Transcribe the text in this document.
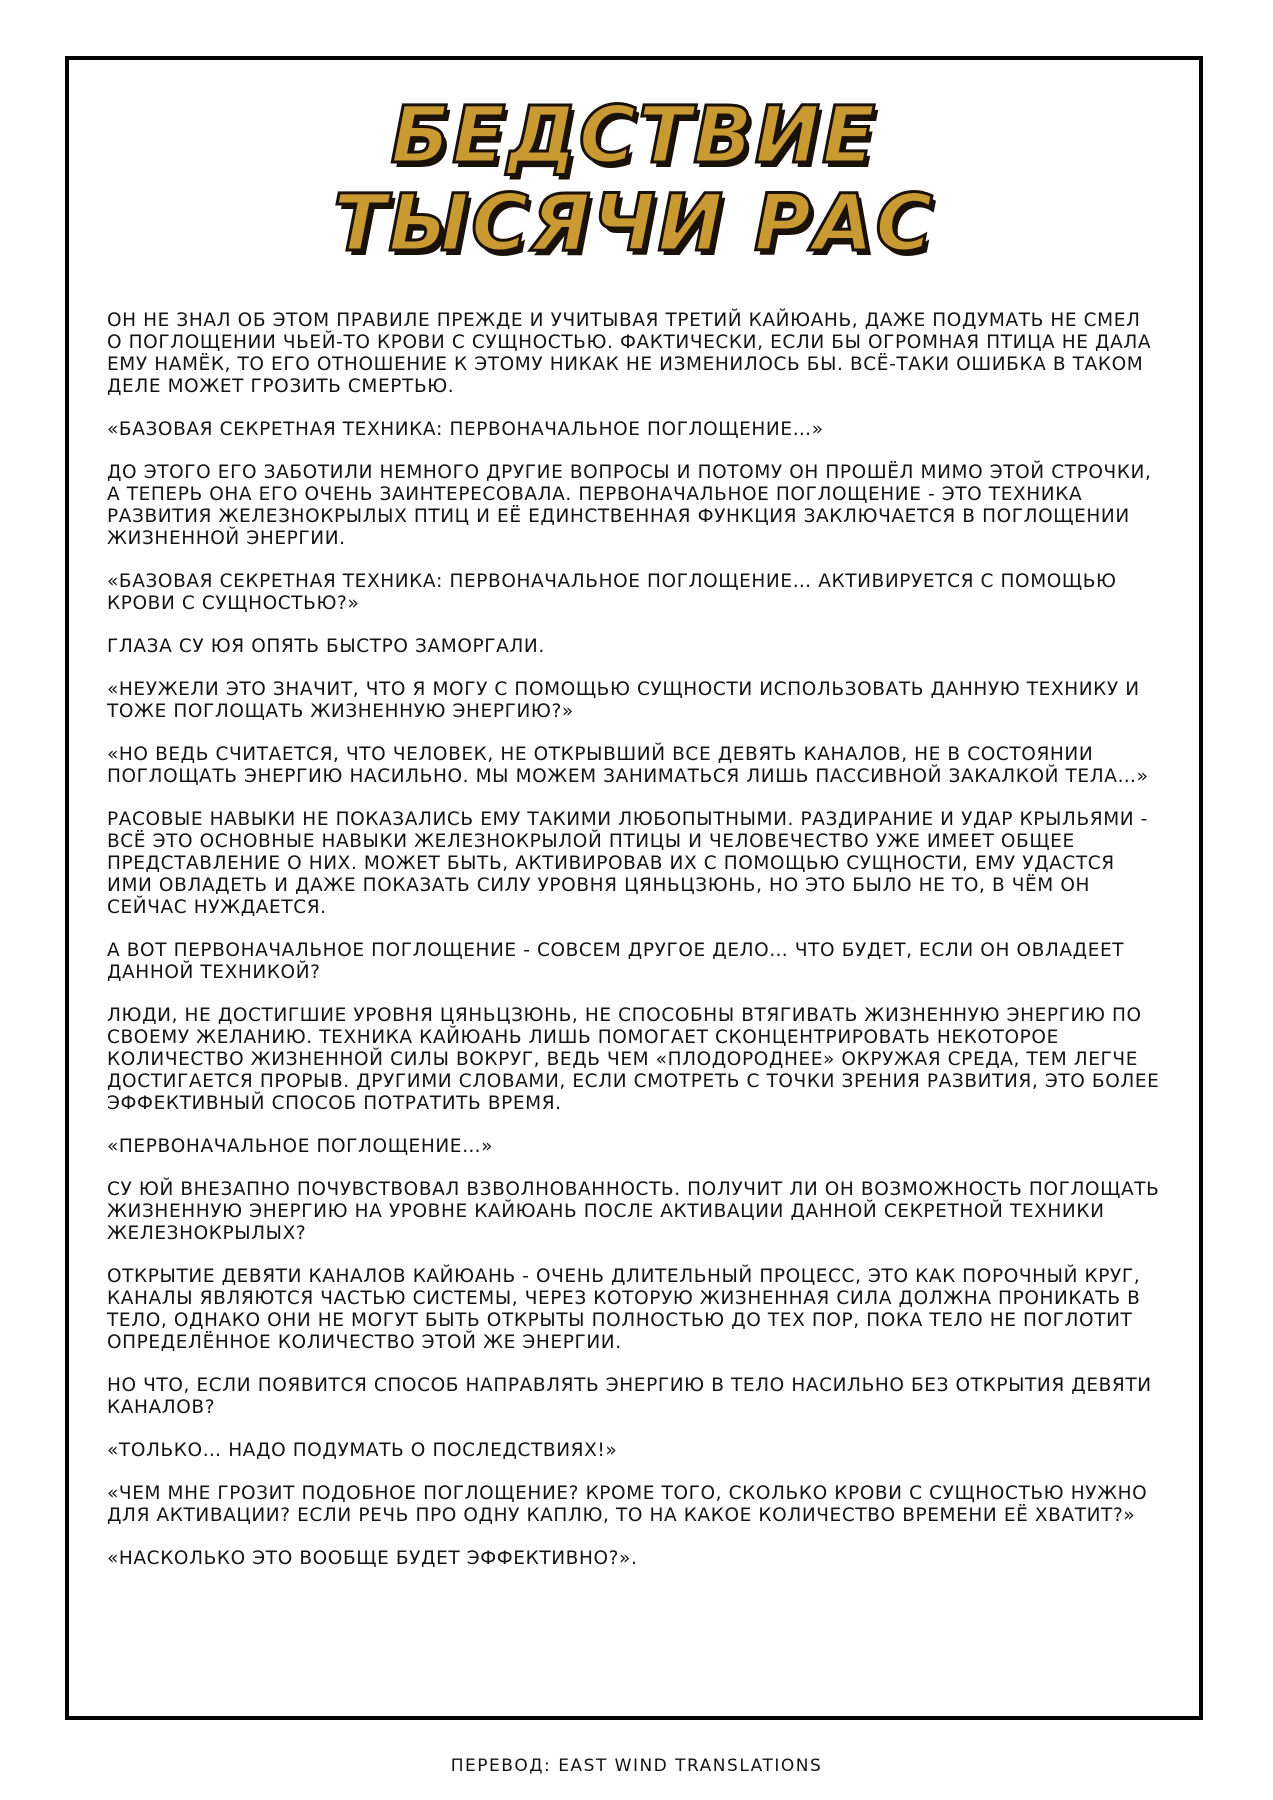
БЕДСТВИЕ
ТЫСЯЧИ РАС

ОН НЕ ЗНАЛ ОБ ЭТОМ ПРАВИЛЕ ПРЕЖДЕ И УЧИТЫВАЯ ТРЕТИЙ КАЙЮАНЬ, ДАЖЕ ПОДУМАТЬ НЕ СМЕЛ О ПОГЛОЩЕНИИ ЧЬЕЙ-ТО КРОВИ С СУЩНОСТЬЮ. ФАКТИЧЕСКИ, ЕСЛИ БЫ ОГРОМНАЯ ПТИЦА НЕ ДАЛА ЕМУ НАМЁК, ТО ЕГО ОТНОШЕНИЕ К ЭТОМУ НИКАК НЕ ИЗМЕНИЛОСЬ БЫ. ВСЁ-ТАКИ ОШИБКА В ТАКОМ ДЕЛЕ МОЖЕТ ГРОЗИТЬ СМЕРТЬЮ.

«БАЗОВАЯ СЕКРЕТНАЯ ТЕХНИКА: ПЕРВОНАЧАЛЬНОЕ ПОГЛОЩЕНИЕ…»

ДО ЭТОГО ЕГО ЗАБОТИЛИ НЕМНОГО ДРУГИЕ ВОПРОСЫ И ПОТОМУ ОН ПРОШЁЛ МИМО ЭТОЙ СТРОЧКИ, А ТЕПЕРЬ ОНА ЕГО ОЧЕНЬ ЗАИНТЕРЕСОВАЛА. ПЕРВОНАЧАЛЬНОЕ ПОГЛОЩЕНИЕ - ЭТО ТЕХНИКА РАЗВИТИЯ ЖЕЛЕЗНОКРЫЛЫХ ПТИЦ И ЕЁ ЕДИНСТВЕННАЯ ФУНКЦИЯ ЗАКЛЮЧАЕТСЯ В ПОГЛОЩЕНИИ ЖИЗНЕННОЙ ЭНЕРГИИ.

«БАЗОВАЯ СЕКРЕТНАЯ ТЕХНИКА: ПЕРВОНАЧАЛЬНОЕ ПОГЛОЩЕНИЕ… АКТИВИРУЕТСЯ С ПОМОЩЬЮ КРОВИ С СУЩНОСТЬЮ?»

ГЛАЗА СУ ЮЯ ОПЯТЬ БЫСТРО ЗАМОРГАЛИ.

«НЕУЖЕЛИ ЭТО ЗНАЧИТ, ЧТО Я МОГУ С ПОМОЩЬЮ СУЩНОСТИ ИСПОЛЬЗОВАТЬ ДАННУЮ ТЕХНИКУ И ТОЖЕ ПОГЛОЩАТЬ ЖИЗНЕННУЮ ЭНЕРГИЮ?»

«НО ВЕДЬ СЧИТАЕТСЯ, ЧТО ЧЕЛОВЕК, НЕ ОТКРЫВШИЙ ВСЕ ДЕВЯТЬ КАНАЛОВ, НЕ В СОСТОЯНИИ ПОГЛОЩАТЬ ЭНЕРГИЮ НАСИЛЬНО. МЫ МОЖЕМ ЗАНИМАТЬСЯ ЛИШЬ ПАССИВНОЙ ЗАКАЛКОЙ ТЕЛА…»

РАСОВЫЕ НАВЫКИ НЕ ПОКАЗАЛИСЬ ЕМУ ТАКИМИ ЛЮБОПЫТНЫМИ. РАЗДИРАНИЕ И УДАР КРЫЛЬЯМИ - ВСЁ ЭТО ОСНОВНЫЕ НАВЫКИ ЖЕЛЕЗНОКРЫЛОЙ ПТИЦЫ И ЧЕЛОВЕЧЕСТВО УЖЕ ИМЕЕТ ОБЩЕЕ ПРЕДСТАВЛЕНИЕ О НИХ. МОЖЕТ БЫТЬ, АКТИВИРОВАВ ИХ С ПОМОЩЬЮ СУЩНОСТИ, ЕМУ УДАСТСЯ ИМИ ОВЛАДЕТЬ И ДАЖЕ ПОКАЗАТЬ СИЛУ УРОВНЯ ЦЯНЬЦЗЮНЬ, НО ЭТО БЫЛО НЕ ТО, В ЧЁМ ОН СЕЙЧАС НУЖДАЕТСЯ.

А ВОТ ПЕРВОНАЧАЛЬНОЕ ПОГЛОЩЕНИЕ - СОВСЕМ ДРУГОЕ ДЕЛО… ЧТО БУДЕТ, ЕСЛИ ОН ОВЛАДЕЕТ ДАННОЙ ТЕХНИКОЙ?

ЛЮДИ, НЕ ДОСТИГШИЕ УРОВНЯ ЦЯНЬЦЗЮНЬ, НЕ СПОСОБНЫ ВТЯГИВАТЬ ЖИЗНЕННУЮ ЭНЕРГИЮ ПО СВОЕМУ ЖЕЛАНИЮ. ТЕХНИКА КАЙЮАНЬ ЛИШЬ ПОМОГАЕТ СКОНЦЕНТРИРОВАТЬ НЕКОТОРОЕ КОЛИЧЕСТВО ЖИЗНЕННОЙ СИЛЫ ВОКРУГ, ВЕДЬ ЧЕМ «ПЛОДОРОДНЕЕ» ОКРУЖАЯ СРЕДА, ТЕМ ЛЕГЧЕ ДОСТИГАЕТСЯ ПРОРЫВ. ДРУГИМИ СЛОВАМИ, ЕСЛИ СМОТРЕТЬ С ТОЧКИ ЗРЕНИЯ РАЗВИТИЯ, ЭТО БОЛЕЕ ЭФФЕКТИВНЫЙ СПОСОБ ПОТРАТИТЬ ВРЕМЯ.

«ПЕРВОНАЧАЛЬНОЕ ПОГЛОЩЕНИЕ…»

СУ ЮЙ ВНЕЗАПНО ПОЧУВСТВОВАЛ ВЗВОЛНОВАННОСТЬ. ПОЛУЧИТ ЛИ ОН ВОЗМОЖНОСТЬ ПОГЛОЩАТЬ ЖИЗНЕННУЮ ЭНЕРГИЮ НА УРОВНЕ КАЙЮАНЬ ПОСЛЕ АКТИВАЦИИ ДАННОЙ СЕКРЕТНОЙ ТЕХНИКИ ЖЕЛЕЗНОКРЫЛЫХ?

ОТКРЫТИЕ ДЕВЯТИ КАНАЛОВ КАЙЮАНЬ - ОЧЕНЬ ДЛИТЕЛЬНЫЙ ПРОЦЕСС, ЭТО КАК ПОРОЧНЫЙ КРУГ, КАНАЛЫ ЯВЛЯЮТСЯ ЧАСТЬЮ СИСТЕМЫ, ЧЕРЕЗ КОТОРУЮ ЖИЗНЕННАЯ СИЛА ДОЛЖНА ПРОНИКАТЬ В ТЕЛО, ОДНАКО ОНИ НЕ МОГУТ БЫТЬ ОТКРЫТЫ ПОЛНОСТЬЮ ДО ТЕХ ПОР, ПОКА ТЕЛО НЕ ПОГЛОТИТ ОПРЕДЕЛЁННОЕ КОЛИЧЕСТВО ЭТОЙ ЖЕ ЭНЕРГИИ.

НО ЧТО, ЕСЛИ ПОЯВИТСЯ СПОСОБ НАПРАВЛЯТЬ ЭНЕРГИЮ В ТЕЛО НАСИЛЬНО БЕЗ ОТКРЫТИЯ ДЕВЯТИ КАНАЛОВ?

«ТОЛЬКО… НАДО ПОДУМАТЬ О ПОСЛЕДСТВИЯХ!»

«ЧЕМ МНЕ ГРОЗИТ ПОДОБНОЕ ПОГЛОЩЕНИЕ? КРОМЕ ТОГО, СКОЛЬКО КРОВИ С СУЩНОСТЬЮ НУЖНО ДЛЯ АКТИВАЦИИ? ЕСЛИ РЕЧЬ ПРО ОДНУ КАПЛЮ, ТО НА КАКОЕ КОЛИЧЕСТВО ВРЕМЕНИ ЕЁ ХВАТИТ?»

«НАСКОЛЬКО ЭТО ВООБЩЕ БУДЕТ ЭФФЕКТИВНО?».

ПЕРЕВОД: EAST WIND TRANSLATIONS
